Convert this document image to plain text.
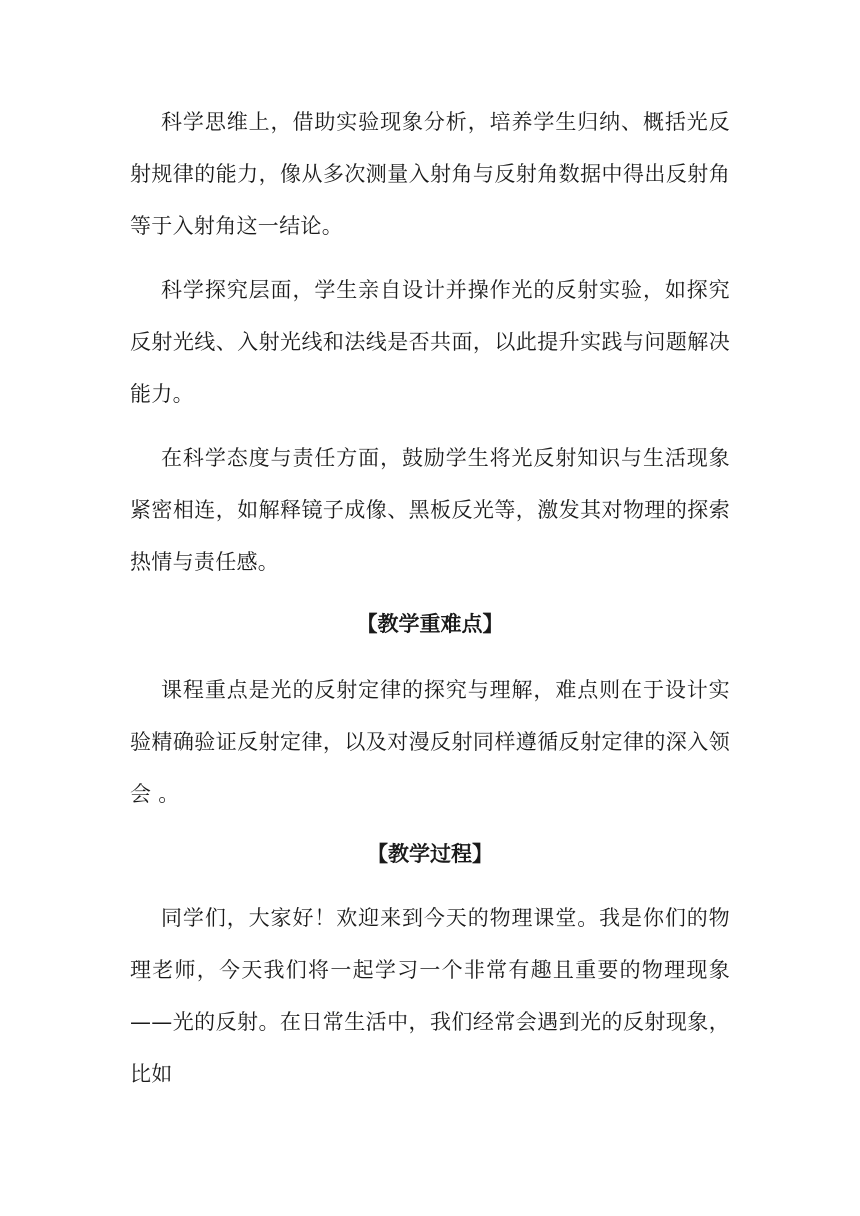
科学思维上，借助实验现象分析，培养学生归纳、概括光反射规律的能力，像从多次测量入射角与反射角数据中得出反射角等于入射角这一结论。

科学探究层面，学生亲自设计并操作光的反射实验，如探究反射光线、入射光线和法线是否共面，以此提升实践与问题解决能力。

在科学态度与责任方面，鼓励学生将光反射知识与生活现象紧密相连，如解释镜子成像、黑板反光等，激发其对物理的探索热情与责任感。

【教学重难点】

课程重点是光的反射定律的探究与理解，难点则在于设计实验精确验证反射定律，以及对漫反射同样遵循反射定律的深入领会 。

【教学过程】

同学们，大家好！欢迎来到今天的物理课堂。我是你们的物理老师，今天我们将一起学习一个非常有趣且重要的物理现象——光的反射。在日常生活中，我们经常会遇到光的反射现象，比如
